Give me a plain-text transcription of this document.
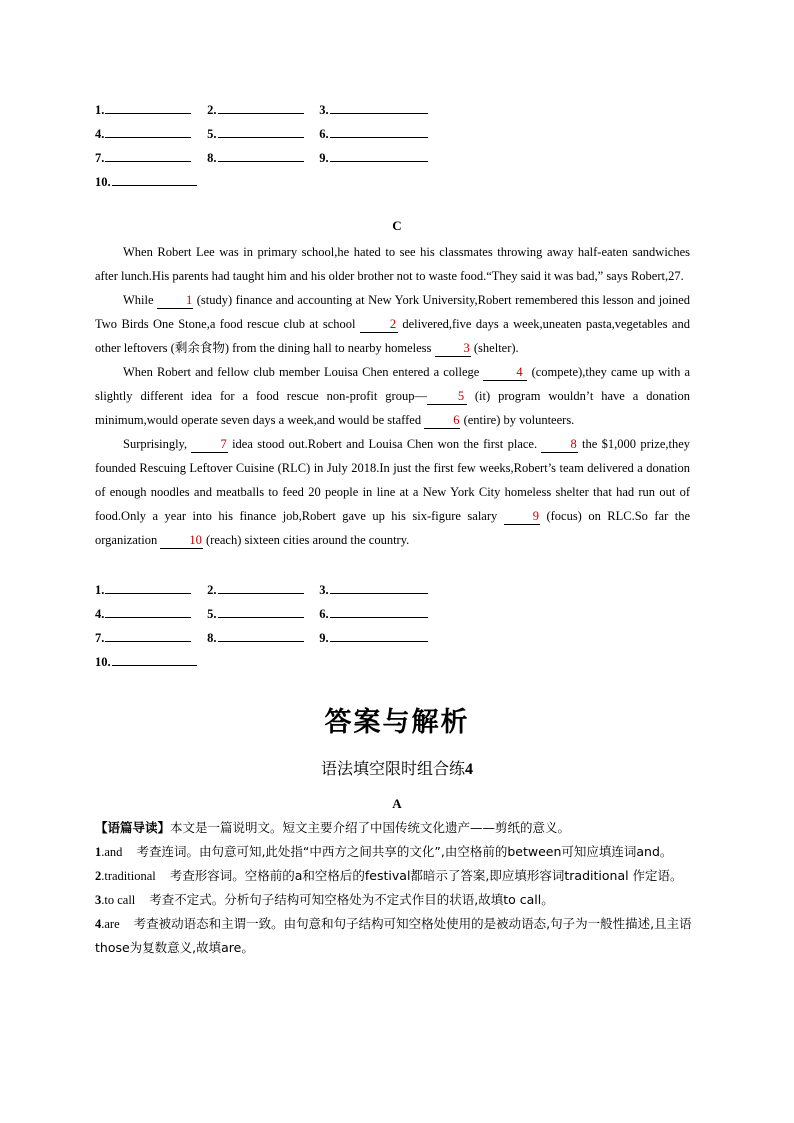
1.	2.	3.
4.	5.	6.
7.	8.	9.
10.
C

When Robert Lee was in primary school,he hated to see his classmates throwing away half-eaten sandwiches after lunch.His parents had taught him and his older brother not to waste food.“They said it was bad,” says Robert,27.

While 1 (study) finance and accounting at New York University,Robert remembered this lesson and joined Two Birds One Stone,a food rescue club at school 2 delivered,five days a week,uneaten pasta,vegetables and other leftovers (剩余食物) from the dining hall to nearby homeless 3 (shelter).

When Robert and fellow club member Louisa Chen entered a college	4 (compete),they came up with a slightly different idea for a food rescue non-profit group— 5 (it) program wouldn’t have a donation minimum,would operate seven days a week,and would be staffed 6 (entire) by volunteers.

Surprisingly, 7 idea stood out.Robert and Louisa Chen won the first place. 8 the $1,000 prize,they founded Rescuing Leftover Cuisine (RLC) in July 2018.In just the first few weeks,Robert’s team delivered a donation of enough noodles and meatballs to feed 20 people in line at a New York City homeless shelter that had run out of food.Only a year into his finance job,Robert gave up his six-figure salary 9 (focus) on RLC.So far the organization 10 (reach) sixteen cities around the country.

1.	2.	3.
4.	5.	6.
7.	8.	9.
10.
答案与解析
语法填空限时组合练4
A

【语篇导读】本文是一篇说明文。短文主要介绍了中国传统文化遗产——剪纸的意义。

1.and 考查连词。由句意可知,此处指“中西方之间共享的文化”,由空格前的between可知应填连词and。

2.traditional 考查形容词。空格前的a和空格后的festival都暗示了答案,即应填形容词traditional 作定语。

3.to call 考查不定式。分析句子结构可知空格处为不定式作目的状语,故填to call。

4.are 考查被动语态和主谓一致。由句意和句子结构可知空格处使用的是被动语态,句子为一般性描述,且主语those为复数意义,故填are。
